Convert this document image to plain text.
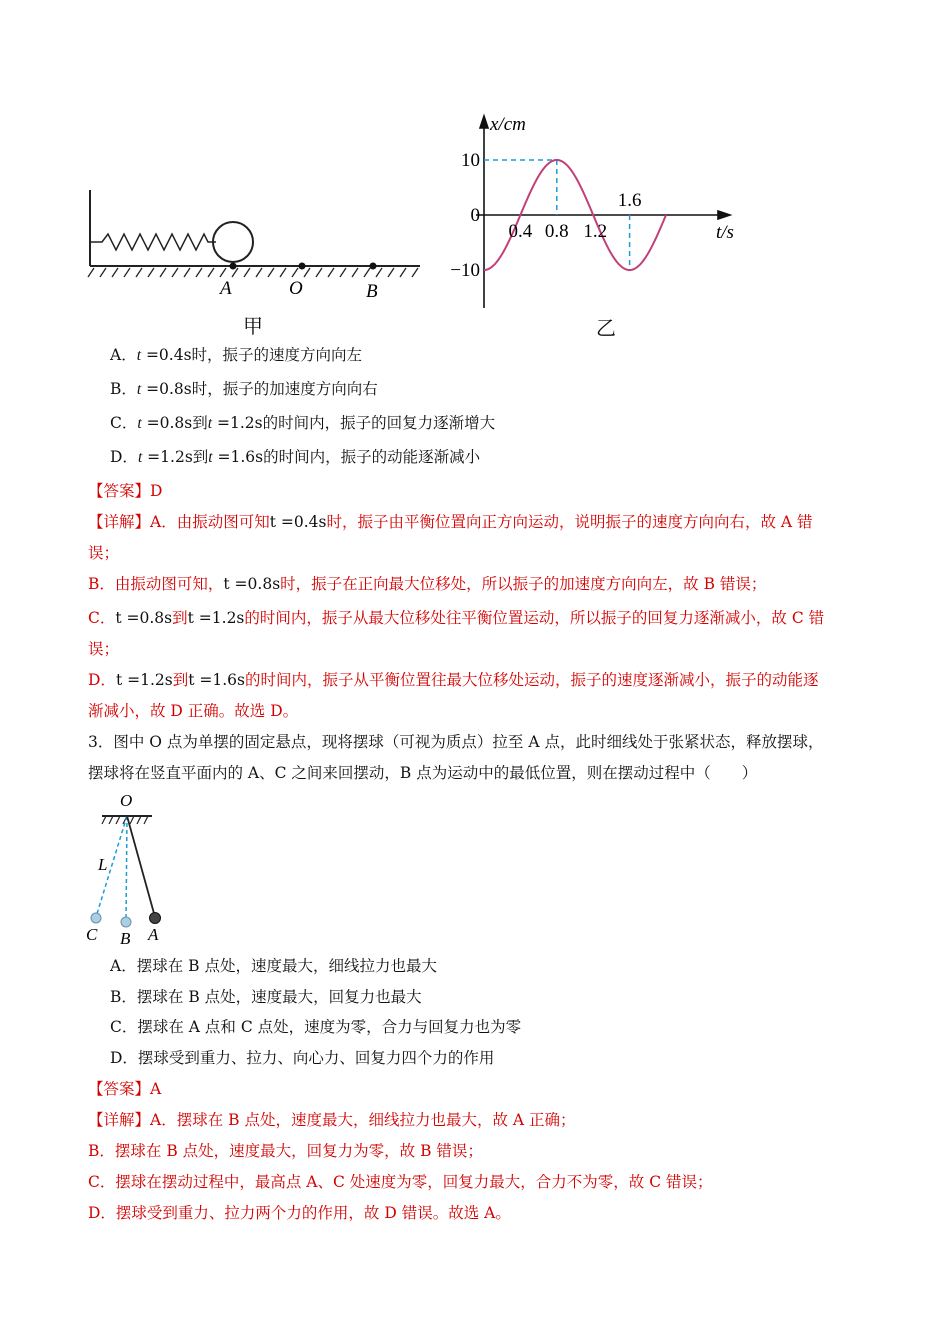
A	O	B
甲
x/cm
t/s
10
0
−10
0.4 0.8 1.2
1.6
乙
A．t =0.4s时，振子的速度方向向左
B．t =0.8s时，振子的加速度方向向右
C．t =0.8s到t =1.2s的时间内，振子的回复力逐渐增大
D．t =1.2s到t =1.6s的时间内，振子的动能逐渐减小
【答案】D
【详解】A．由振动图可知t =0.4s时，振子由平衡位置向正方向运动，说明振子的速度方向向右，故 A 错
误；
B．由振动图可知，t =0.8s时，振子在正向最大位移处，所以振子的加速度方向向左，故 B 错误；
C．t =0.8s到t =1.2s的时间内，振子从最大位移处往平衡位置运动，所以振子的回复力逐渐减小，故 C 错
误；
D．t =1.2s到t =1.6s的时间内，振子从平衡位置往最大位移处运动，振子的速度逐渐减小，振子的动能逐
渐减小，故 D 正确。故选 D。
3．图中 O 点为单摆的固定悬点，现将摆球（可视为质点）拉至 A 点，此时细线处于张紧状态，释放摆球，
摆球将在竖直平面内的 A、C 之间来回摆动，B 点为运动中的最低位置，则在摆动过程中（　　）
O
L
C B A
A．摆球在 B 点处，速度最大，细线拉力也最大
B．摆球在 B 点处，速度最大，回复力也最大
C．摆球在 A 点和 C 点处，速度为零，合力与回复力也为零
D．摆球受到重力、拉力、向心力、回复力四个力的作用
【答案】A
【详解】A．摆球在 B 点处，速度最大，细线拉力也最大，故 A 正确；
B．摆球在 B 点处，速度最大，回复力为零，故 B 错误；
C．摆球在摆动过程中，最高点 A、C 处速度为零，回复力最大，合力不为零，故 C 错误；
D．摆球受到重力、拉力两个力的作用，故 D 错误。故选 A。
